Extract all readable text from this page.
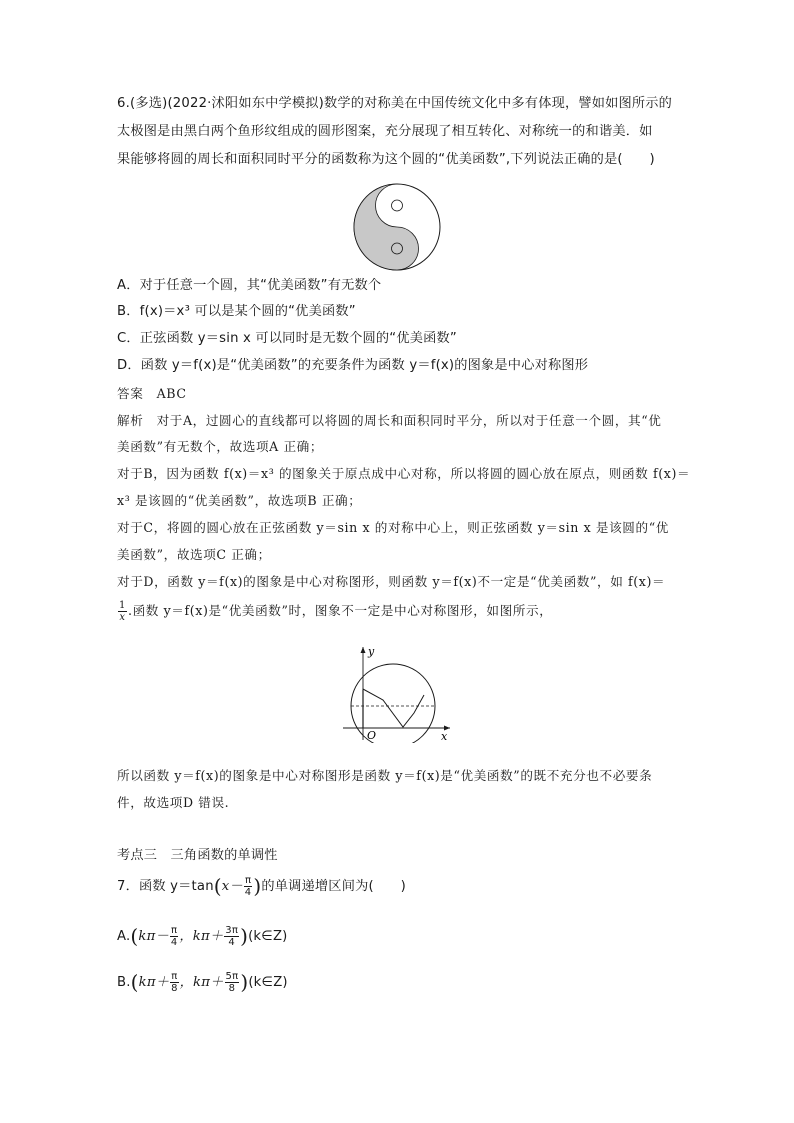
6.(多选)(2022·沭阳如东中学模拟)数学的对称美在中国传统文化中多有体现，譬如如图所示的
太极图是由黑白两个鱼形纹组成的圆形图案，充分展现了相互转化、对称统一的和谐美．如
果能够将圆的周长和面积同时平分的函数称为这个圆的“优美函数”,下列说法正确的是(　　)
A．对于任意一个圆，其“优美函数”有无数个
B．f(x)＝x³ 可以是某个圆的“优美函数”
C．正弦函数 y＝sin x 可以同时是无数个圆的“优美函数”
D．函数 y＝f(x)是“优美函数”的充要条件为函数 y＝f(x)的图象是中心对称图形
答案　ABC
解析　对于A，过圆心的直线都可以将圆的周长和面积同时平分，所以对于任意一个圆，其“优
美函数”有无数个，故选项A 正确；
对于B，因为函数 f(x)＝x³ 的图象关于原点成中心对称，所以将圆的圆心放在原点，则函数 f(x)＝
x³ 是该圆的“优美函数”，故选项B 正确；
对于C，将圆的圆心放在正弦函数 y＝sin x 的对称中心上，则正弦函数 y＝sin x 是该圆的“优
美函数”，故选项C 正确；
对于D，函数 y＝f(x)的图象是中心对称图形，则函数 y＝f(x)不一定是“优美函数”，如 f(x)＝
$\frac{1}{x}$ .函数 y＝f(x)是“优美函数”时，图象不一定是中心对称图形，如图所示，
O	x
y
所以函数 y＝f(x)的图象是中心对称图形是函数 y＝f(x)是“优美函数”的既不充分也不必要条
件，故选项D 错误.
考点三　三角函数的单调性
7．函数 $y=\tan(x- \frac{\pi}{4}$ )的单调递增区间为(　　)
$A.(k\pi- \frac{\pi}{4}$ ，$k\pi+ \frac{3\pi}{4}$ )(k∈Z)
$B.(k\pi+ \frac{\pi}{8}$ ，$k\pi+ \frac{5\pi}{8}$ )(k∈Z)
